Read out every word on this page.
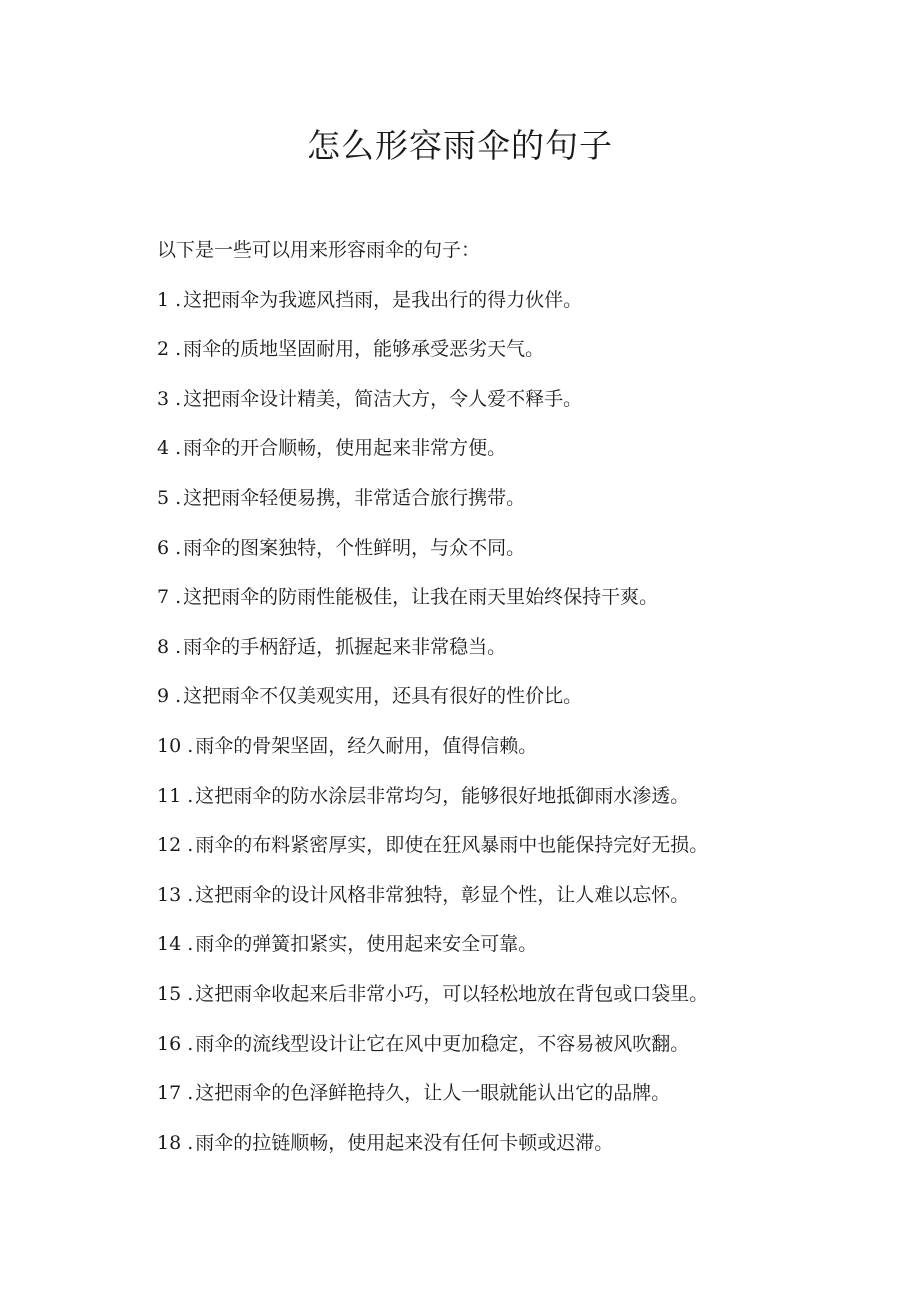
怎么形容雨伞的句子

以下是一些可以用来形容雨伞的句子：

1 . 这把雨伞为我遮风挡雨，是我出行的得力伙伴。
2 . 雨伞的质地坚固耐用，能够承受恶劣天气。
3 . 这把雨伞设计精美，简洁大方，令人爱不释手。
4 . 雨伞的开合顺畅，使用起来非常方便。
5 . 这把雨伞轻便易携，非常适合旅行携带。
6 . 雨伞的图案独特，个性鲜明，与众不同。
7 . 这把雨伞的防雨性能极佳，让我在雨天里始终保持干爽。
8 . 雨伞的手柄舒适，抓握起来非常稳当。
9 . 这把雨伞不仅美观实用，还具有很好的性价比。
10 . 雨伞的骨架坚固，经久耐用，值得信赖。
11 . 这把雨伞的防水涂层非常均匀，能够很好地抵御雨水渗透。
12 . 雨伞的布料紧密厚实，即使在狂风暴雨中也能保持完好无损。
13 . 这把雨伞的设计风格非常独特，彰显个性，让人难以忘怀。
14 . 雨伞的弹簧扣紧实，使用起来安全可靠。
15 . 这把雨伞收起来后非常小巧，可以轻松地放在背包或口袋里。
16 . 雨伞的流线型设计让它在风中更加稳定，不容易被风吹翻。
17 . 这把雨伞的色泽鲜艳持久，让人一眼就能认出它的品牌。
18 . 雨伞的拉链顺畅，使用起来没有任何卡顿或迟滞。
